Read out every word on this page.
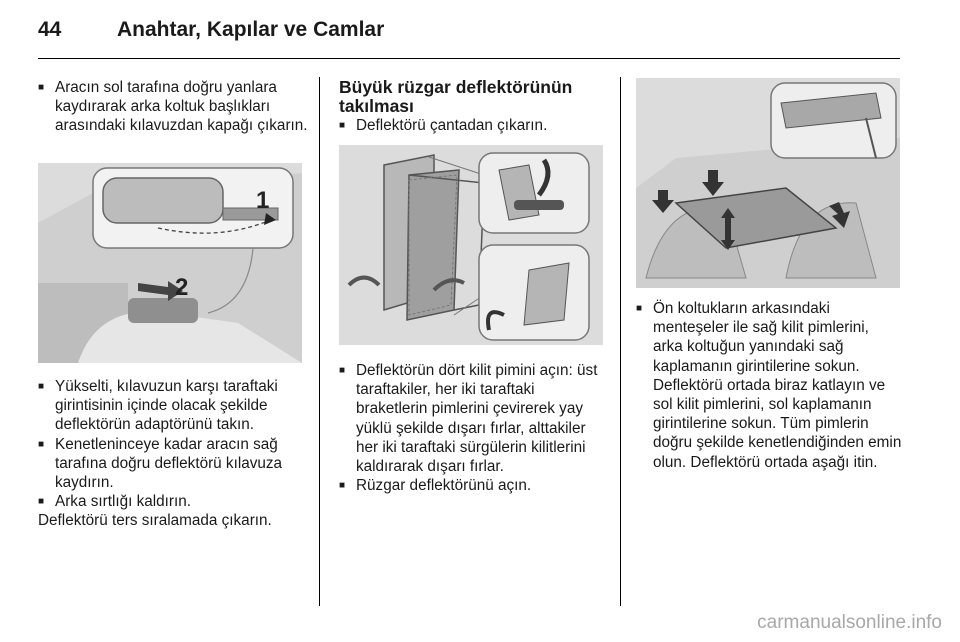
44	Anahtar, Kapılar ve Camlar

■ Aracın sol tarafına doğru yanlara kaydırarak arka koltuk başlıkları arasındaki kılavuzdan kapağı çıkarın.

1
2

■ Yükselti, kılavuzun karşı taraftaki girintisinin içinde olacak şekilde deflektörün adaptörünü takın.

■ Kenetleninceye kadar aracın sağ tarafına doğru deflektörü kılavuza kaydırın.

■ Arka sırtlığı kaldırın.

Deflektörü ters sıralamada çıkarın.

Büyük rüzgar deflektörünün takılması

■ Deflektörü çantadan çıkarın.

■ Deflektörün dört kilit pimini açın: üst taraftakiler, her iki taraftaki braketlerin pimlerini çevirerek yay yüklü şekilde dışarı fırlar, alttakiler her iki taraftaki sürgülerin kilitlerini kaldırarak dışarı fırlar.

■ Rüzgar deflektörünü açın.

■ Ön koltukların arkasındaki menteşeler ile sağ kilit pimlerini, arka koltuğun yanındaki sağ kaplamanın girintilerine sokun. Deflektörü ortada biraz katlayın ve sol kilit pimlerini, sol kaplamanın girintilerine sokun. Tüm pimlerin doğru şekilde kenetlendiğinden emin olun. Deflektörü ortada aşağı itin.

carmanualsonline.info
